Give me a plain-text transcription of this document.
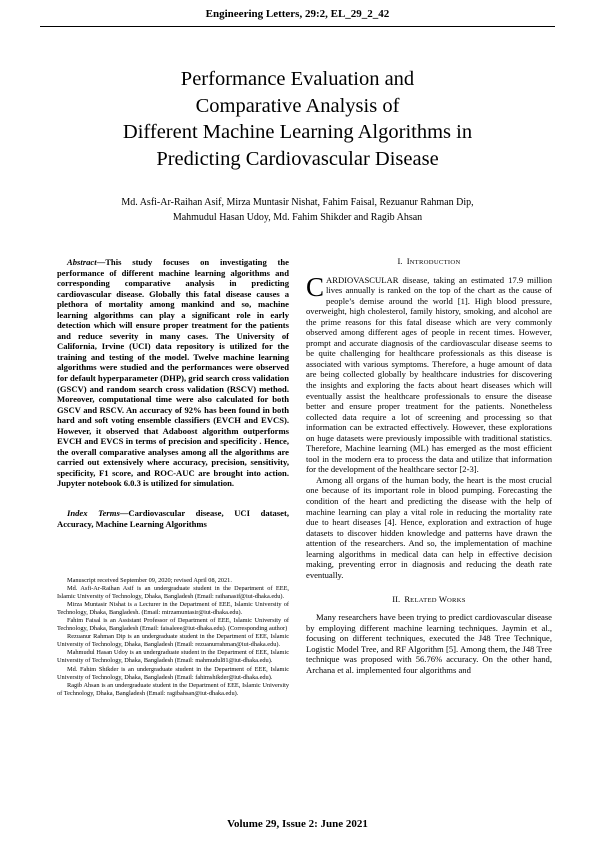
Engineering Letters, 29:2, EL_29_2_42
Performance Evaluation and
Comparative Analysis of
Different Machine Learning Algorithms in
Predicting Cardiovascular Disease
Md. Asfi-Ar-Raihan Asif, Mirza Muntasir Nishat, Fahim Faisal, Rezuanur Rahman Dip,
Mahmudul Hasan Udoy, Md. Fahim Shikder and Ragib Ahsan

Abstract—This study focuses on investigating the performance of different machine learning algorithms and corresponding comparative analysis in predicting cardiovascular disease. Globally this fatal disease causes a plethora of mortality among mankind and so, machine learning algorithms can play a significant role in early detection which will ensure proper treatment for the patients and reduce severity in many cases. The University of California, Irvine (UCI) data repository is utilized for the training and testing of the model. Twelve machine learning algorithms were studied and the performances were observed for default hyperparameter (DHP), grid search cross validation (GSCV) and random search cross validation (RSCV) method. Moreover, computational time were also calculated for both GSCV and RSCV. An accuracy of 92% has been found in both hard and soft voting ensemble classifiers (EVCH and EVCS). However, it observed that Adaboost algorithm outperforms EVCH and EVCS in terms of precision and specificity . Hence, the overall comparative analyses among all the algorithms are carried out extensively where accuracy, precision, sensitivity, specificity, F1 score, and ROC-AUC are brought into action. Jupyter notebook 6.0.3 is utilized for simulation.

Index Terms—Cardiovascular disease, UCI dataset, Accuracy, Machine Learning Algorithms

Manuscript received September 09, 2020; revised April 08, 2021.

Md. Asfi-Ar-Raihan Asif is an undergraduate student in the Department of EEE, Islamic University of Technology, Dhaka, Bangladesh (Email: raihanasif@iut-dhaka.edu).

Mirza Muntasir Nishat is a Lecturer in the Department of EEE, Islamic University of Technology, Dhaka, Bangladesh. (Email: mirzamuntasir@iut-dhaka.edu).

Fahim Faisal is an Assistant Professor of Department of EEE, Islamic University of Technology, Dhaka, Bangladesh (Email: faisaleee@iut-dhaka.edu). (Corresponding author)

Rezuanur Rahman Dip is an undergraduate student in the Department of EEE, Islamic University of Technology, Dhaka, Bangladesh (Email: rezuanurrahman@iut-dhaka.edu).

Mahmudul Hasan Udoy is an undergraduate student in the Department of EEE, Islamic University of Technology, Dhaka, Bangladesh (Email: mahmudul81@iut-dhaka.edu).

Md. Fahim Shikder is an undergraduate student in the Department of EEE, Islamic University of Technology, Dhaka, Bangladesh (Email: fahimshikder@iut-dhaka.edu).

Ragib Ahsan is an undergraduate student in the Department of EEE, Islamic University of Technology, Dhaka, Bangladesh (Email: ragibahsan@iut-dhaka.edu).

I. INTRODUCTION

CARDIOVASCULAR disease, taking an estimated 17.9 million lives annually is ranked on the top of the chart as the cause of people’s demise around the world [1]. High blood pressure, overweight, high cholesterol, family history, smoking, and alcohol are the prime reasons for this fatal disease which are very commonly observed among different ages of people in recent times. However, prompt and accurate diagnosis of the cardiovascular disease seems to be quite challenging for healthcare professionals as this disease is associated with various symptoms. Therefore, a huge amount of data are being collected globally by healthcare industries for discovering the insights and exploring the facts about heart diseases which will eventually assist the healthcare professionals to ensure the disease better and ensure proper treatment for the patients. Nonetheless collected data require a lot of screening and processing so that information can be extracted effectively. However, these explorations on huge datasets were previously impossible with traditional statistics. Therefore, Machine learning (ML) has emerged as the most efficient tool in the modern era to process the data and utilize that information for the development of the healthcare sector [2-3].

Among all organs of the human body, the heart is the most crucial one because of its important role in blood pumping. Forecasting the condition of the heart and predicting the disease with the help of machine learning can play a vital role in reducing the mortality rate due to heart diseases [4]. Hence, exploration and extraction of huge datasets to discover hidden knowledge and patterns have drawn the attention of the researchers. And so, the implementation of machine learning algorithms in medical data can help in effective decision making, preventing error in diagnosis and reducing the death rate eventually.

II. RELATED WORKS

Many researchers have been trying to predict cardiovascular disease by employing different machine learning techniques. Jaymin et al., focusing on different techniques, executed the J48 Tree Technique, Logistic Model Tree, and RF Algorithm [5]. Among them, the J48 Tree technique was proposed with 56.76% accuracy. On the other hand, Archana et al. implemented four algorithms and

Volume 29, Issue 2: June 2021
